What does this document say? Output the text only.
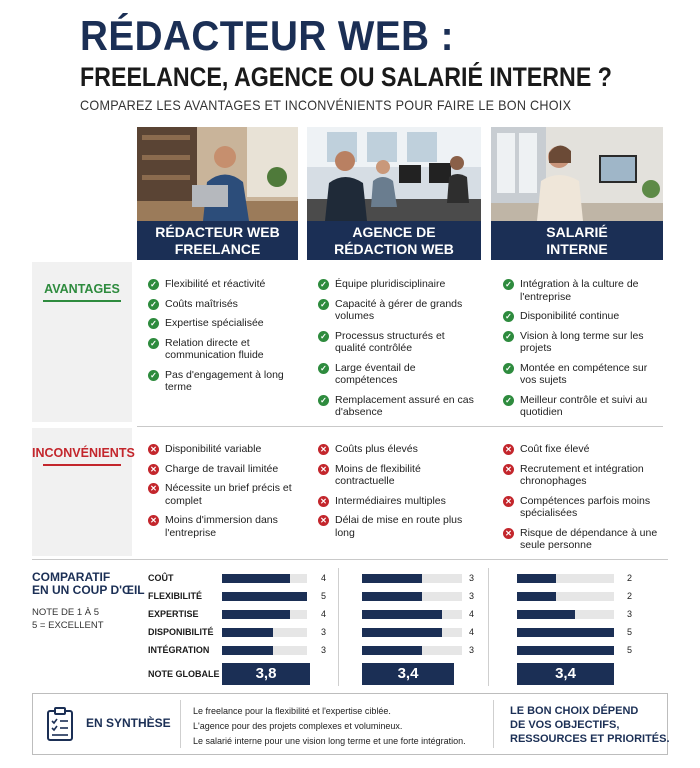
RÉDACTEUR WEB :
FREELANCE, AGENCE OU SALARIÉ INTERNE ?
COMPAREZ LES AVANTAGES ET INCONVÉNIENTS POUR FAIRE LE BON CHOIX
RÉDACTEUR WEB
FREELANCE
AGENCE DE
RÉDACTION WEB
SALARIÉ
INTERNE
AVANTAGES
INCONVÉNIENTS
✓ Flexibilité et réactivité
✓ Coûts maîtrisés
✓ Expertise spécialisée
✓ Relation directe et communication fluide
✓ Pas d'engagement à long terme
✓ Équipe pluridisciplinaire
✓ Capacité à gérer de grands volumes
✓ Processus structurés et qualité contrôlée
✓ Large éventail de compétences
✓ Remplacement assuré en cas d'absence
✓ Intégration à la culture de l'entreprise
✓ Disponibilité continue
✓ Vision à long terme sur les projets
✓ Montée en compétence sur vos sujets
✓ Meilleur contrôle et suivi au quotidien
✕ Disponibilité variable
✕ Charge de travail limitée
✕ Nécessite un brief précis et complet
✕ Moins d'immersion dans l'entreprise
✕ Coûts plus élevés
✕ Moins de flexibilité contractuelle
✕ Intermédiaires multiples
✕ Délai de mise en route plus long
✕ Coût fixe élevé
✕ Recrutement et intégration chronophages
✕ Compétences parfois moins spécialisées
✕ Risque de dépendance à une seule personne
COMPARATIF
EN UN COUP D'ŒIL
NOTE DE 1 À 5
5 = EXCELLENT
COÛT	4	3	2
FLEXIBILITÉ	5	3	2
EXPERTISE	4	4	3
DISPONIBILITÉ	3	4	5
INTÉGRATION	3	3	5
NOTE GLOBALE	3,8	3,4	3,4
EN SYNTHÈSE
Le freelance pour la flexibilité et l'expertise ciblée.
L'agence pour des projets complexes et volumineux.
Le salarié interne pour une vision long terme et une forte intégration.
LE BON CHOIX DÉPEND
DE VOS OBJECTIFS,
RESSOURCES ET PRIORITÉS.
